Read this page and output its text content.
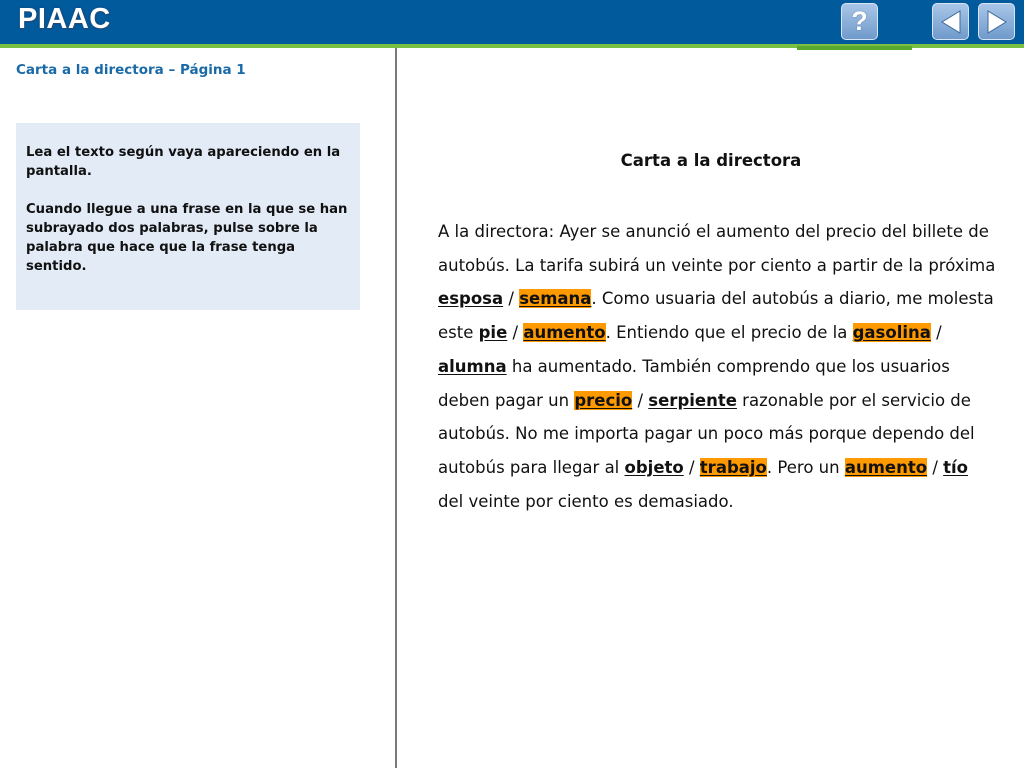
PIAAC	?
Carta a la directora – Página 1

Lea el texto según vaya apareciendo en la pantalla.

Cuando llegue a una frase en la que se han subrayado dos palabras, pulse sobre la palabra que hace que la frase tenga sentido.

Carta a la directora
A la directora: Ayer se anunció el aumento del precio del billete de autobús. La tarifa subirá un veinte por ciento a partir de la próxima esposa / semana. Como usuaria del autobús a diario, me molesta este pie / aumento. Entiendo que el precio de la gasolina / alumna ha aumentado. También comprendo que los usuarios deben pagar un precio / serpiente razonable por el servicio de autobús. No me importa pagar un poco más porque dependo del autobús para llegar al objeto / trabajo. Pero un aumento / tío del veinte por ciento es demasiado.
